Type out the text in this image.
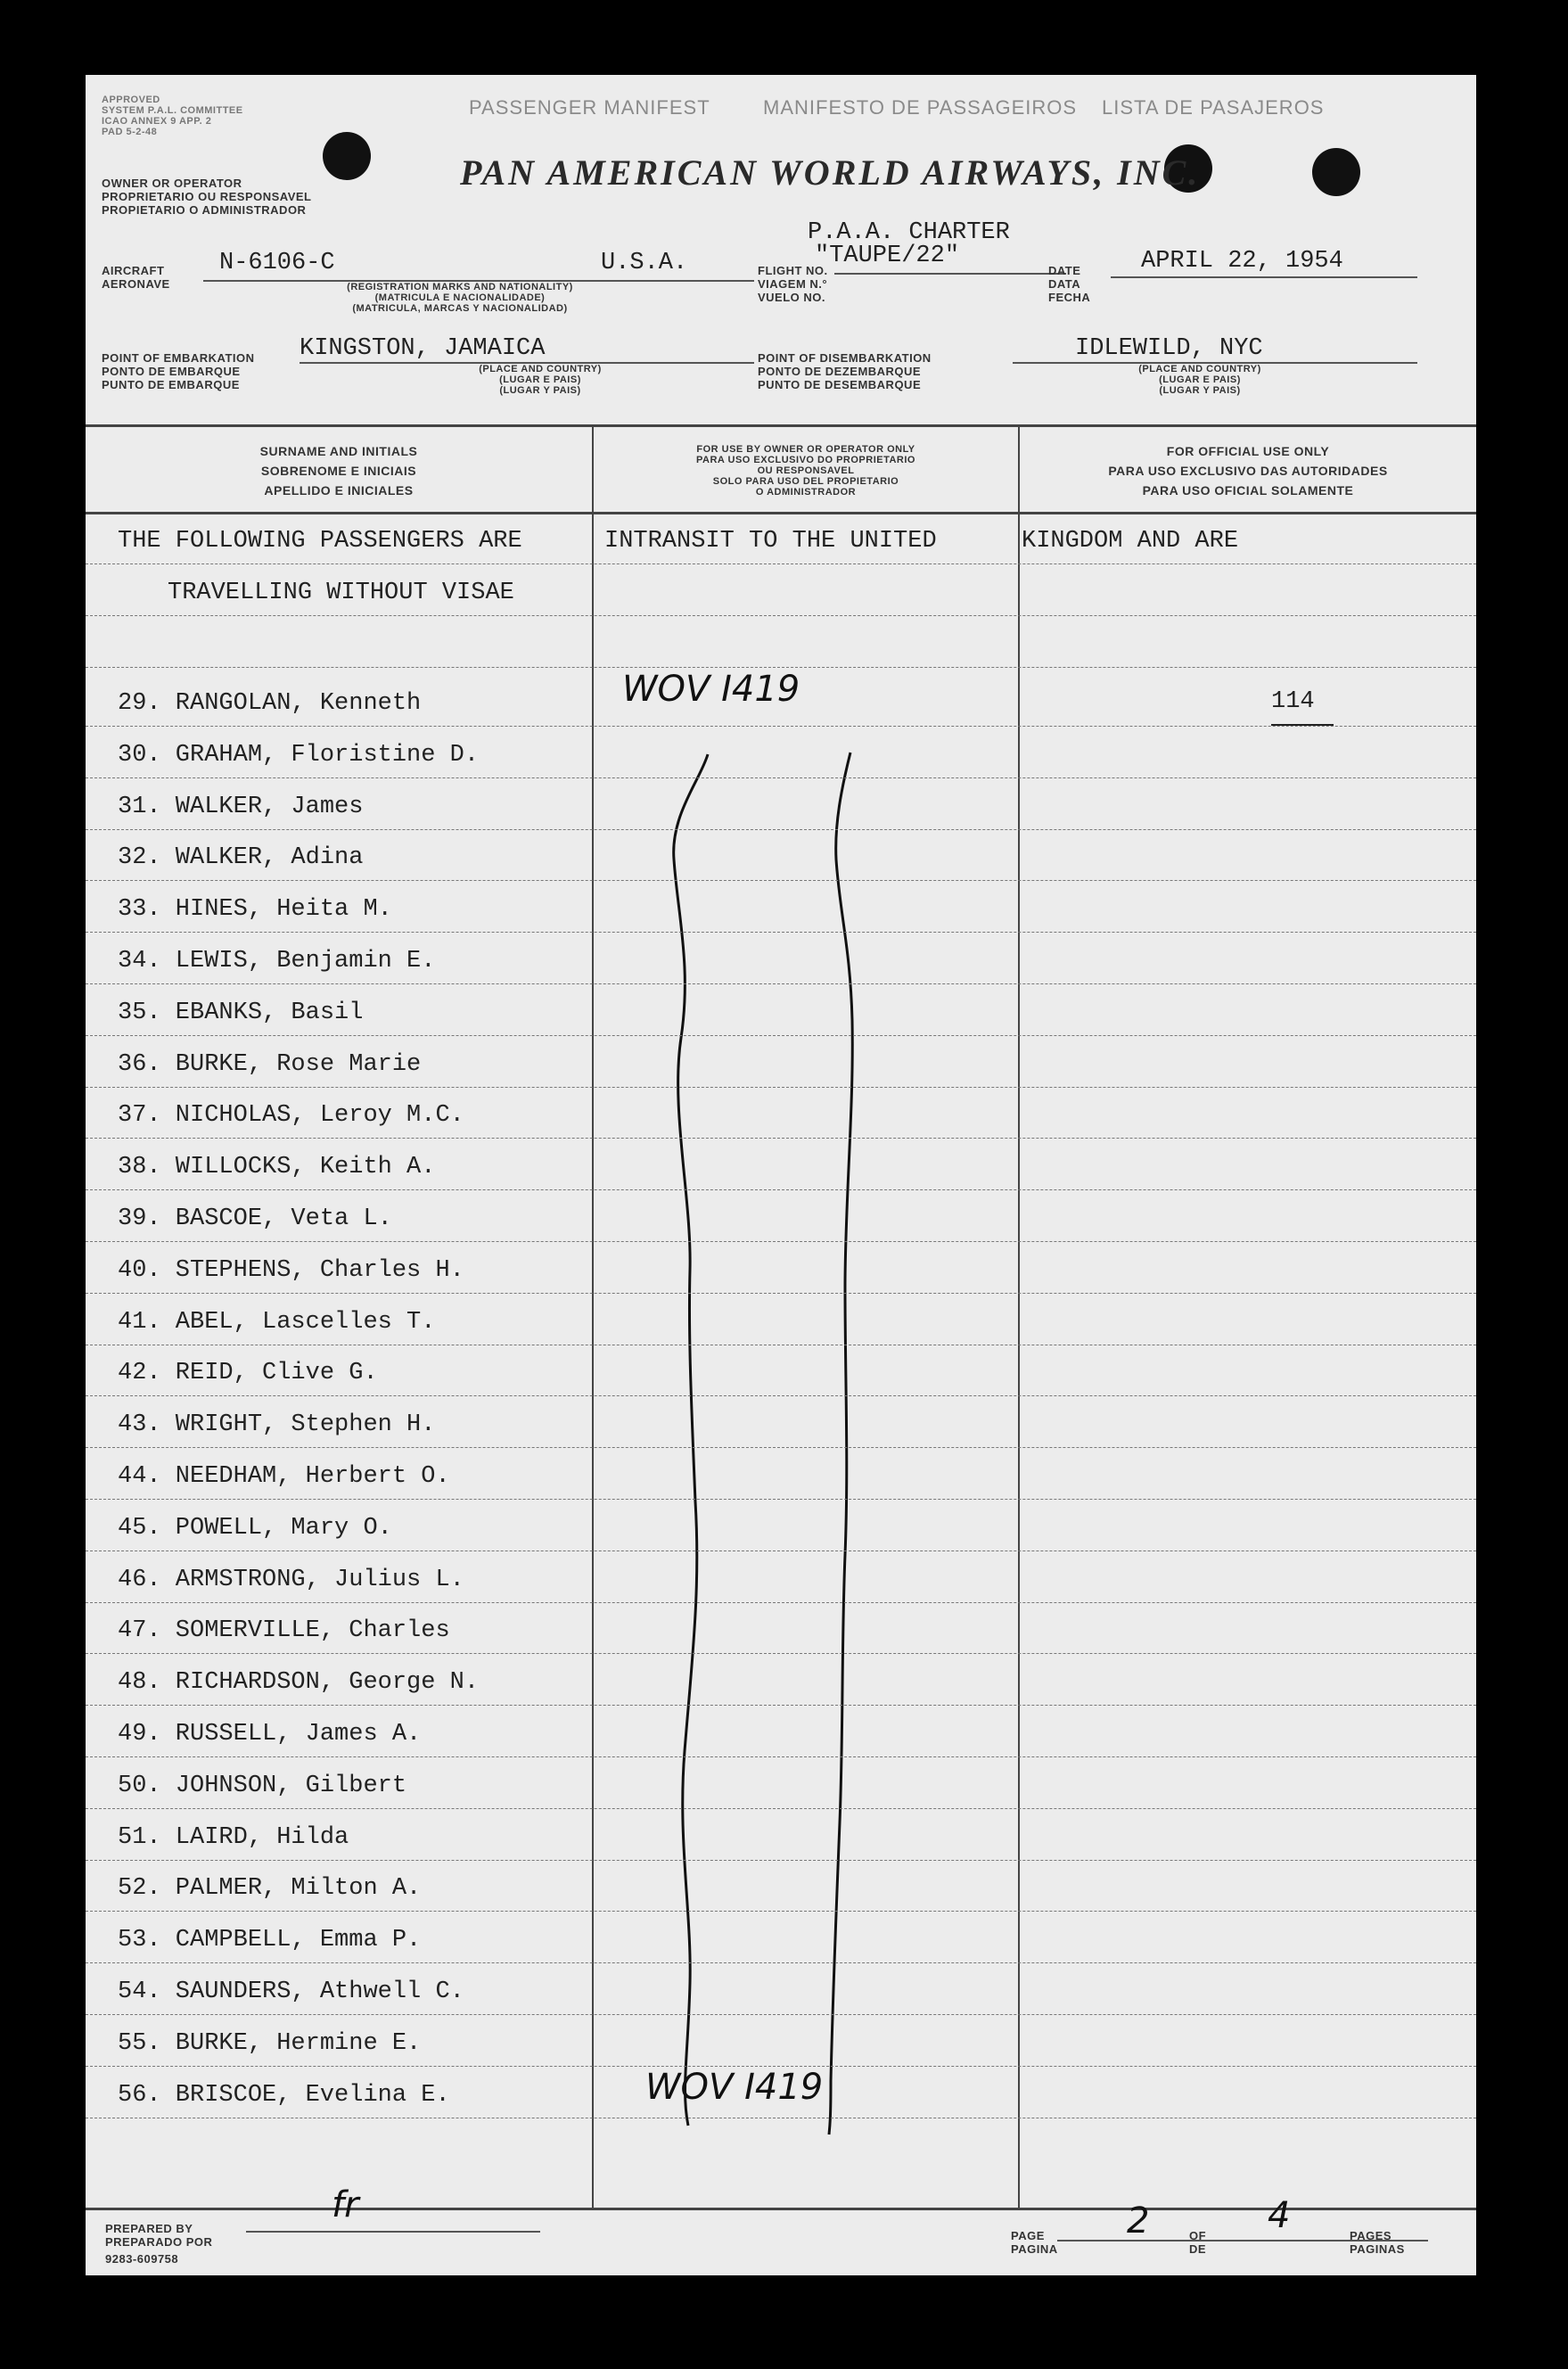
APPROVED
SYSTEM P.A.L. COMMITTEE
ICAO ANNEX 9 APP. 2
PAD 5-2-48
OWNER OR OPERATOR
PROPRIETARIO OU RESPONSAVEL
PROPIETARIO O ADMINISTRADOR
PASSENGER MANIFEST	MANIFESTO DE PASSAGEIROS LISTA DE PASAJEROS
PAN AMERICAN WORLD AIRWAYS, INC.
AIRCRAFT
AERONAVE
N-6106-C	U.S.A.
(REGISTRATION MARKS AND NATIONALITY)
(MATRICULA E NACIONALIDADE)
(MATRICULA, MARCAS Y NACIONALIDAD)
P.A.A. CHARTER
"TAUPE/22"
FLIGHT NO.
VIAGEM N.°
VUELO NO.
DATE
DATA
FECHA
APRIL 22, 1954
POINT OF EMBARKATION
PONTO DE EMBARQUE
PUNTO DE EMBARQUE
KINGSTON, JAMAICA
(PLACE AND COUNTRY)
(LUGAR E PAIS)
(LUGAR Y PAIS)
POINT OF DISEMBARKATION
PONTO DE DEZEMBARQUE
PUNTO DE DESEMBARQUE
IDLEWILD, NYC
(PLACE AND COUNTRY)
(LUGAR E PAIS)
(LUGAR Y PAIS)
SURNAME AND INITIALS
SOBRENOME E INICIAIS
APELLIDO E INICIALES
FOR USE BY OWNER OR OPERATOR ONLY
PARA USO EXCLUSIVO DO PROPRIETARIO
OU RESPONSAVEL
SOLO PARA USO DEL PROPIETARIO
O ADMINISTRADOR
FOR OFFICIAL USE ONLY
PARA USO EXCLUSIVO DAS AUTORIDADES
PARA USO OFICIAL SOLAMENTE
THE FOLLOWING PASSENGERS ARE	INTRANSIT TO THE UNITED	KINGDOM AND ARE
TRAVELLING WITHOUT VISAE
WOV I419
WOV I419
114
PREPARED BY
PREPARADO POR
9283-609758
fr
PAGE
PAGINA
2	OF
DE
4	PAGES
PAGINAS
29. RANGOLAN, Kenneth
30. GRAHAM, Floristine D.
31. WALKER, James
32. WALKER, Adina
33. HINES, Heita M.
34. LEWIS, Benjamin E.
35. EBANKS, Basil
36. BURKE, Rose Marie
37. NICHOLAS, Leroy M.C.
38. WILLOCKS, Keith A.
39. BASCOE, Veta L.
40. STEPHENS, Charles H.
41. ABEL, Lascelles T.
42. REID, Clive G.
43. WRIGHT, Stephen H.
44. NEEDHAM, Herbert O.
45. POWELL, Mary O.
46. ARMSTRONG, Julius L.
47. SOMERVILLE, Charles
48. RICHARDSON, George N.
49. RUSSELL, James A.
50. JOHNSON, Gilbert
51. LAIRD, Hilda
52. PALMER, Milton A.
53. CAMPBELL, Emma P.
54. SAUNDERS, Athwell C.
55. BURKE, Hermine E.
56. BRISCOE, Evelina E.
